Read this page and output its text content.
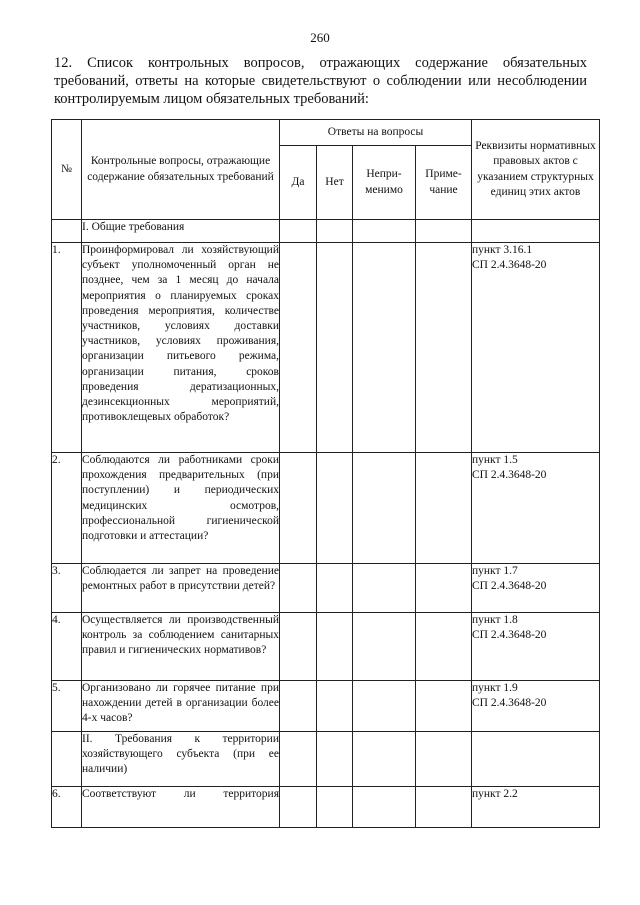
260
12. Список контрольных вопросов, отражающих содержание обязательных требований, ответы на которые свидетельствуют о соблюдении или несоблюдении контролируемым лицом обязательных требований:
№	Контрольные вопросы, отражающие содержание обязательных требований	Ответы на вопросы				Реквизиты нормативных правовых актов с указанием структурных единиц этих актов
		Да	Нет	Непри-менимо	Приме-чание	
	I. Общие требования					
1.	Проинформировал ли хозяйствующий субъект уполномоченный орган не позднее, чем за 1 месяц до начала мероприятия о планируемых сроках проведения мероприятия, количестве участников, условиях доставки участников, условиях проживания, организации питьевого режима, организации питания, сроков проведения дератизационных, дезинсекционных мероприятий, противоклещевых обработок?					пункт 3.16.1
СП 2.4.3648-20

2.	Соблюдаются ли работниками сроки прохождения предварительных (при поступлении) и периодических медицинских осмотров, профессиональной гигиенической подготовки и аттестации?					пункт 1.5
СП 2.4.3648-20

3.	Соблюдается ли запрет на проведение ремонтных работ в присутствии детей?					пункт 1.7
СП 2.4.3648-20

4.	Осуществляется ли производственный контроль за соблюдением санитарных правил и гигиенических нормативов?					пункт 1.8
СП 2.4.3648-20

5.	Организовано ли горячее питание при нахождении детей в организации более 4-х часов?					пункт 1.9
СП 2.4.3648-20

	II. Требования к территории хозяйствующего субъекта (при ее наличии)					
6.	Соответствуют ли территория					пункт 2.2
